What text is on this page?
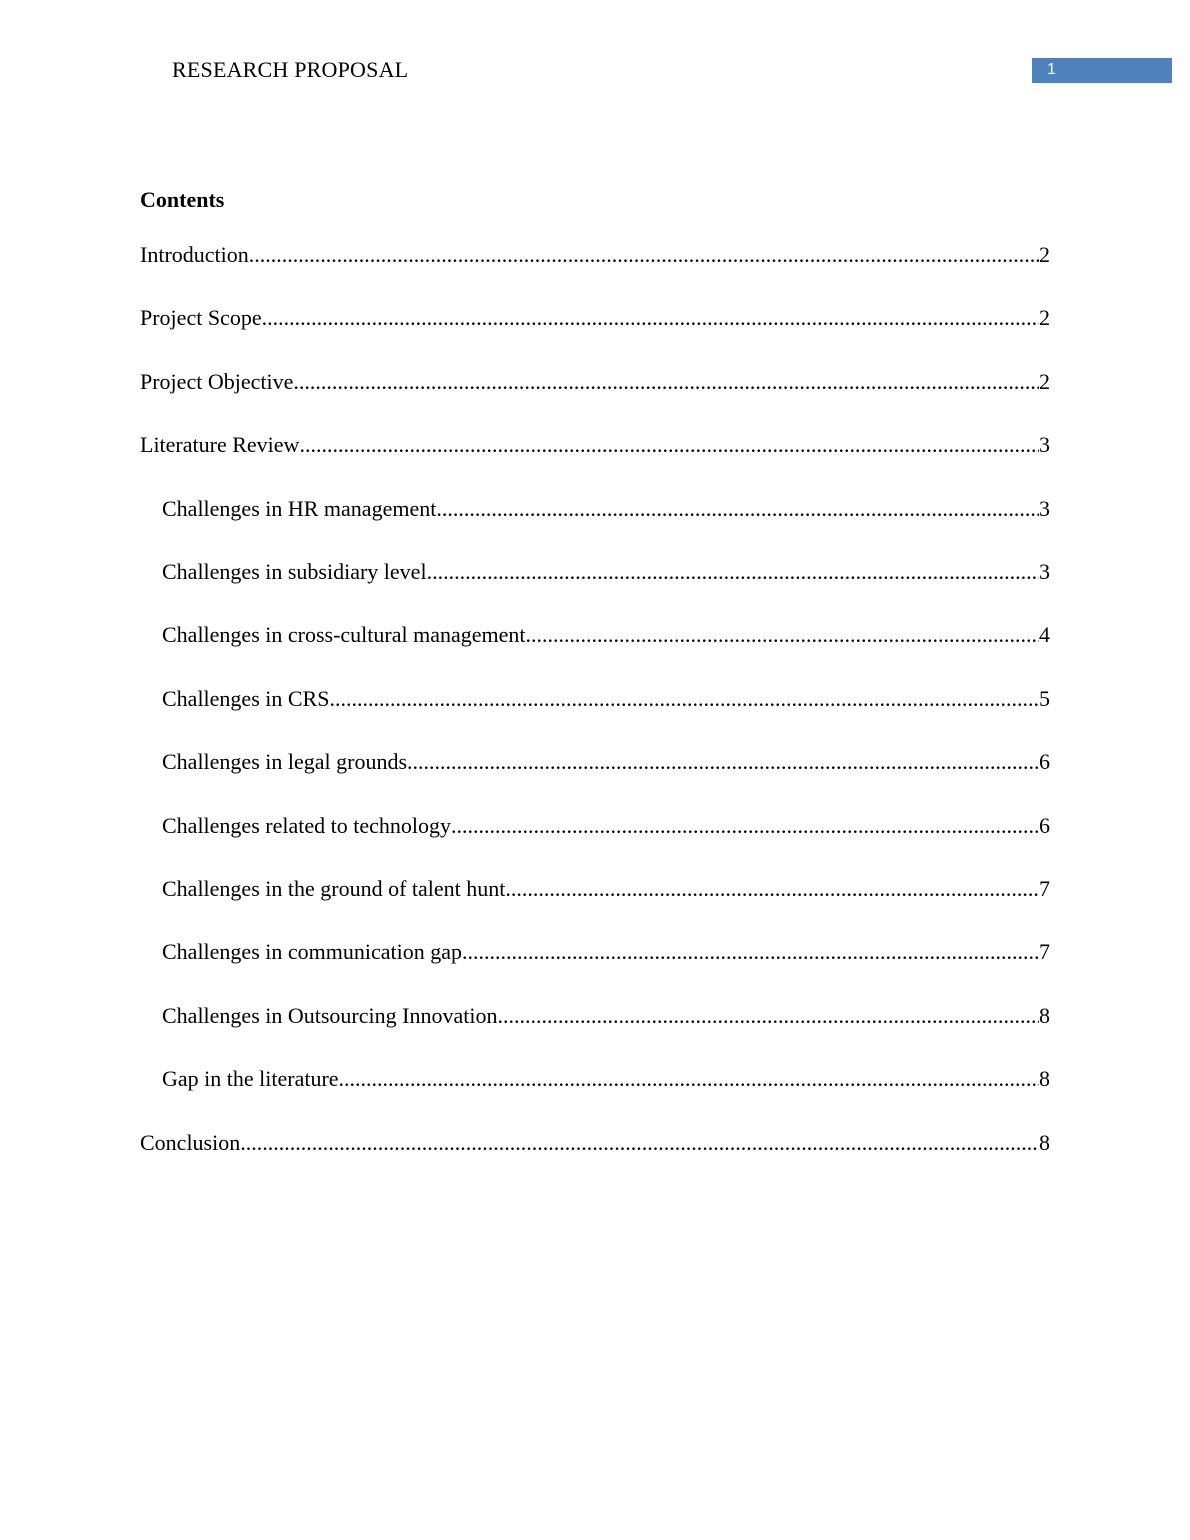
RESEARCH PROPOSAL	1
Contents
Introduction .....	2
Project Scope .....	2
Project Objective .....	2
Literature Review .....	3
Challenges in HR management .....	3
Challenges in subsidiary level .....	3
Challenges in cross-cultural management .....	4
Challenges in CRS .....	5
Challenges in legal grounds .....	6
Challenges related to technology .....	6
Challenges in the ground of talent hunt .....	7
Challenges in communication gap .....	7
Challenges in Outsourcing Innovation .....	8
Gap in the literature .....	8
Conclusion .....	8
